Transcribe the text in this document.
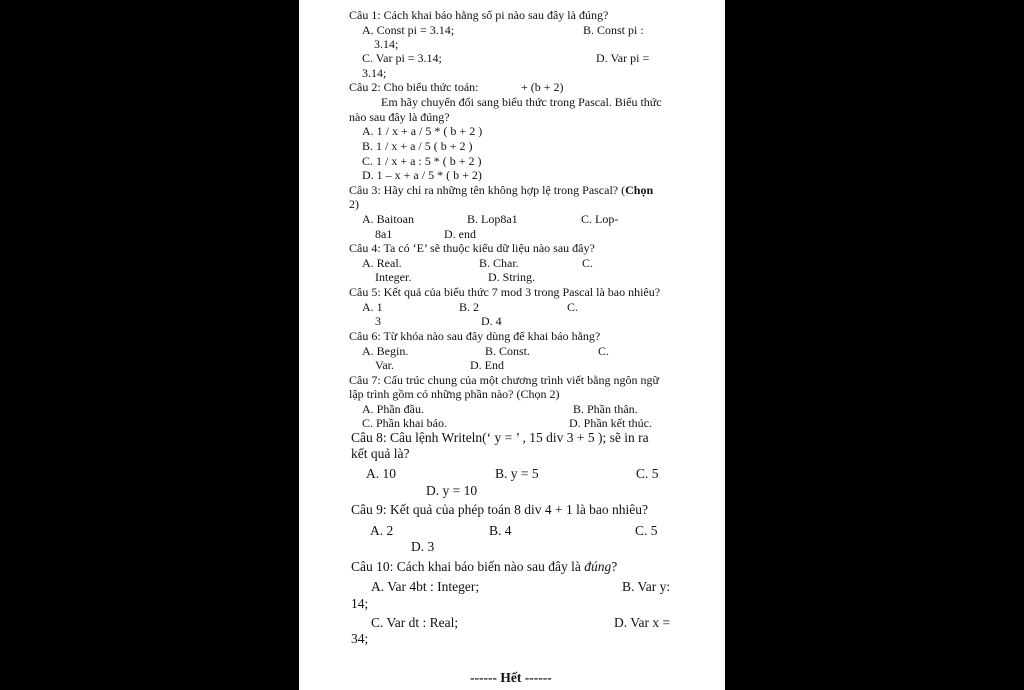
Câu 1: Cách khai báo hằng số pi nào sau đây là đúng?
A. Const pi = 3.14;	B. Const pi :
3.14;
C. Var pi = 3.14;	D. Var pi =
3.14;
Câu 2: Cho biểu thức toán:	+ (b + 2)
Em hãy chuyển đổi sang biểu thức trong Pascal. Biểu thức
nào sau đây là đúng?
A. 1 / x + a / 5 * ( b + 2 )
B. 1 / x + a / 5 ( b + 2 )
C. 1 / x + a : 5 * ( b + 2 )
D. 1 – x + a / 5 * ( b + 2)
Câu 3: Hãy chỉ ra những tên không hợp lệ trong Pascal? (Chọn
2)
A. Baitoan	B. Lop8a1	C. Lop-
8a1	D. end
Câu 4: Ta có ‘E’ sẽ thuộc kiểu dữ liệu nào sau đây?
A. Real.	B. Char.	C.
Integer.	D. String.
Câu 5: Kết quả của biểu thức 7 mod 3 trong Pascal là bao nhiêu?
A. 1	B. 2	C.
3	D. 4
Câu 6: Từ khóa nào sau đây dùng để khai báo hằng?
A. Begin.	B. Const.	C.
Var.	D. End
Câu 7: Cấu trúc chung của một chương trình viết bằng ngôn ngữ
lập trình gồm có những phần nào? (Chọn 2)
A. Phần đầu.	B. Phần thân.
C. Phần khai báo.	D. Phần kết thúc.
Câu 8: Câu lệnh Writeln(‘ y = ’ , 15 div 3 + 5 ); sẽ in ra
kết quả là?
A. 10	B. y = 5	C. 5
D. y = 10
Câu 9: Kết quả của phép toán 8 div 4 + 1 là bao nhiêu?
A. 2	B. 4	C. 5
D. 3
Câu 10: Cách khai báo biến nào sau đây là đúng?
A. Var 4bt : Integer;	B. Var y:
14;
C. Var dt : Real;	D. Var x =
34;
------ Hết ------
